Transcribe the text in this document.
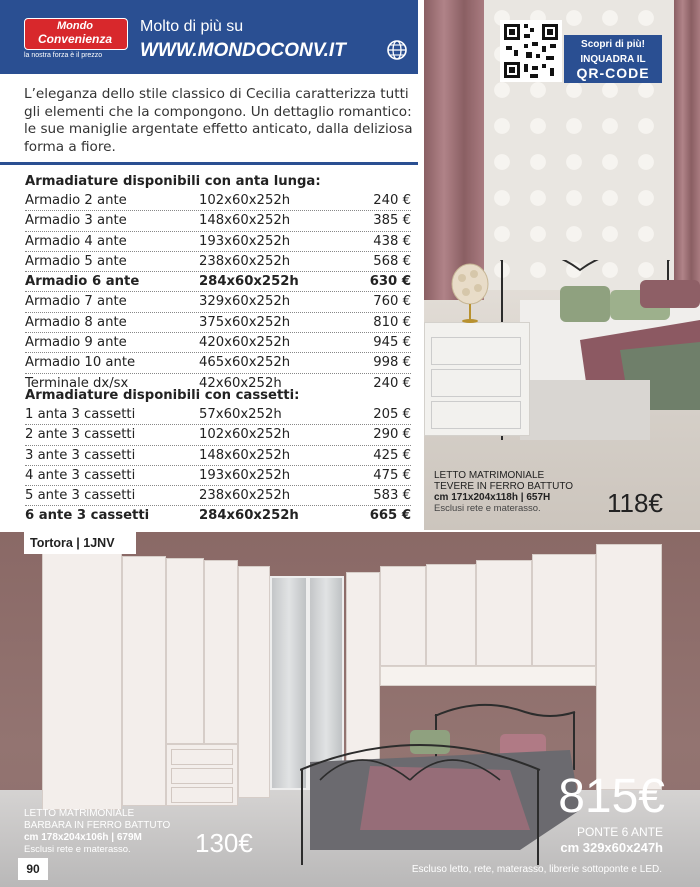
Mondo
Convenienza
la nostra forza è il prezzo
Molto di più su
WWW.MONDOCONV.IT
L’eleganza dello stile classico di Cecilia caratterizza tutti gli elementi che la compongono. Un dettaglio romantico: le sue maniglie argentate effetto anticato, dalla deliziosa forma a fiore.
Armadiature disponibili con anta lunga:
Armadio 2 ante	102x60x252h	240 €
Armadio 3 ante	148x60x252h	385 €
Armadio 4 ante	193x60x252h	438 €
Armadio 5 ante	238x60x252h	568 €
Armadio 6 ante	284x60x252h	630 €
Armadio 7 ante	329x60x252h	760 €
Armadio 8 ante	375x60x252h	810 €
Armadio 9 ante	420x60x252h	945 €
Armadio 10 ante	465x60x252h	998 €
Terminale dx/sx	42x60x252h	240 €
Armadiature disponibili con cassetti:
1 anta 3 cassetti	57x60x252h	205 €
2 ante 3 cassetti	102x60x252h	290 €
3 ante 3 cassetti	148x60x252h	425 €
4 ante 3 cassetti	193x60x252h	475 €
5 ante 3 cassetti	238x60x252h	583 €
6 ante 3 cassetti	284x60x252h	665 €
Scopri di più!
INQUADRA IL
QR-CODE
LETTO MATRIMONIALE
TEVERE IN FERRO BATTUTO
cm 171x204x118h | 657H
Esclusi rete e materasso.	118€
Tortora | 1JNV
LETTO MATRIMONIALE
BARBARA IN FERRO BATTUTO
cm 178x204x106h | 679M
Esclusi rete e materasso.	130€
815€
PONTE 6 ANTE
cm 329x60x247h
Escluso letto, rete, materasso, librerie sottoponte e LED.
90
